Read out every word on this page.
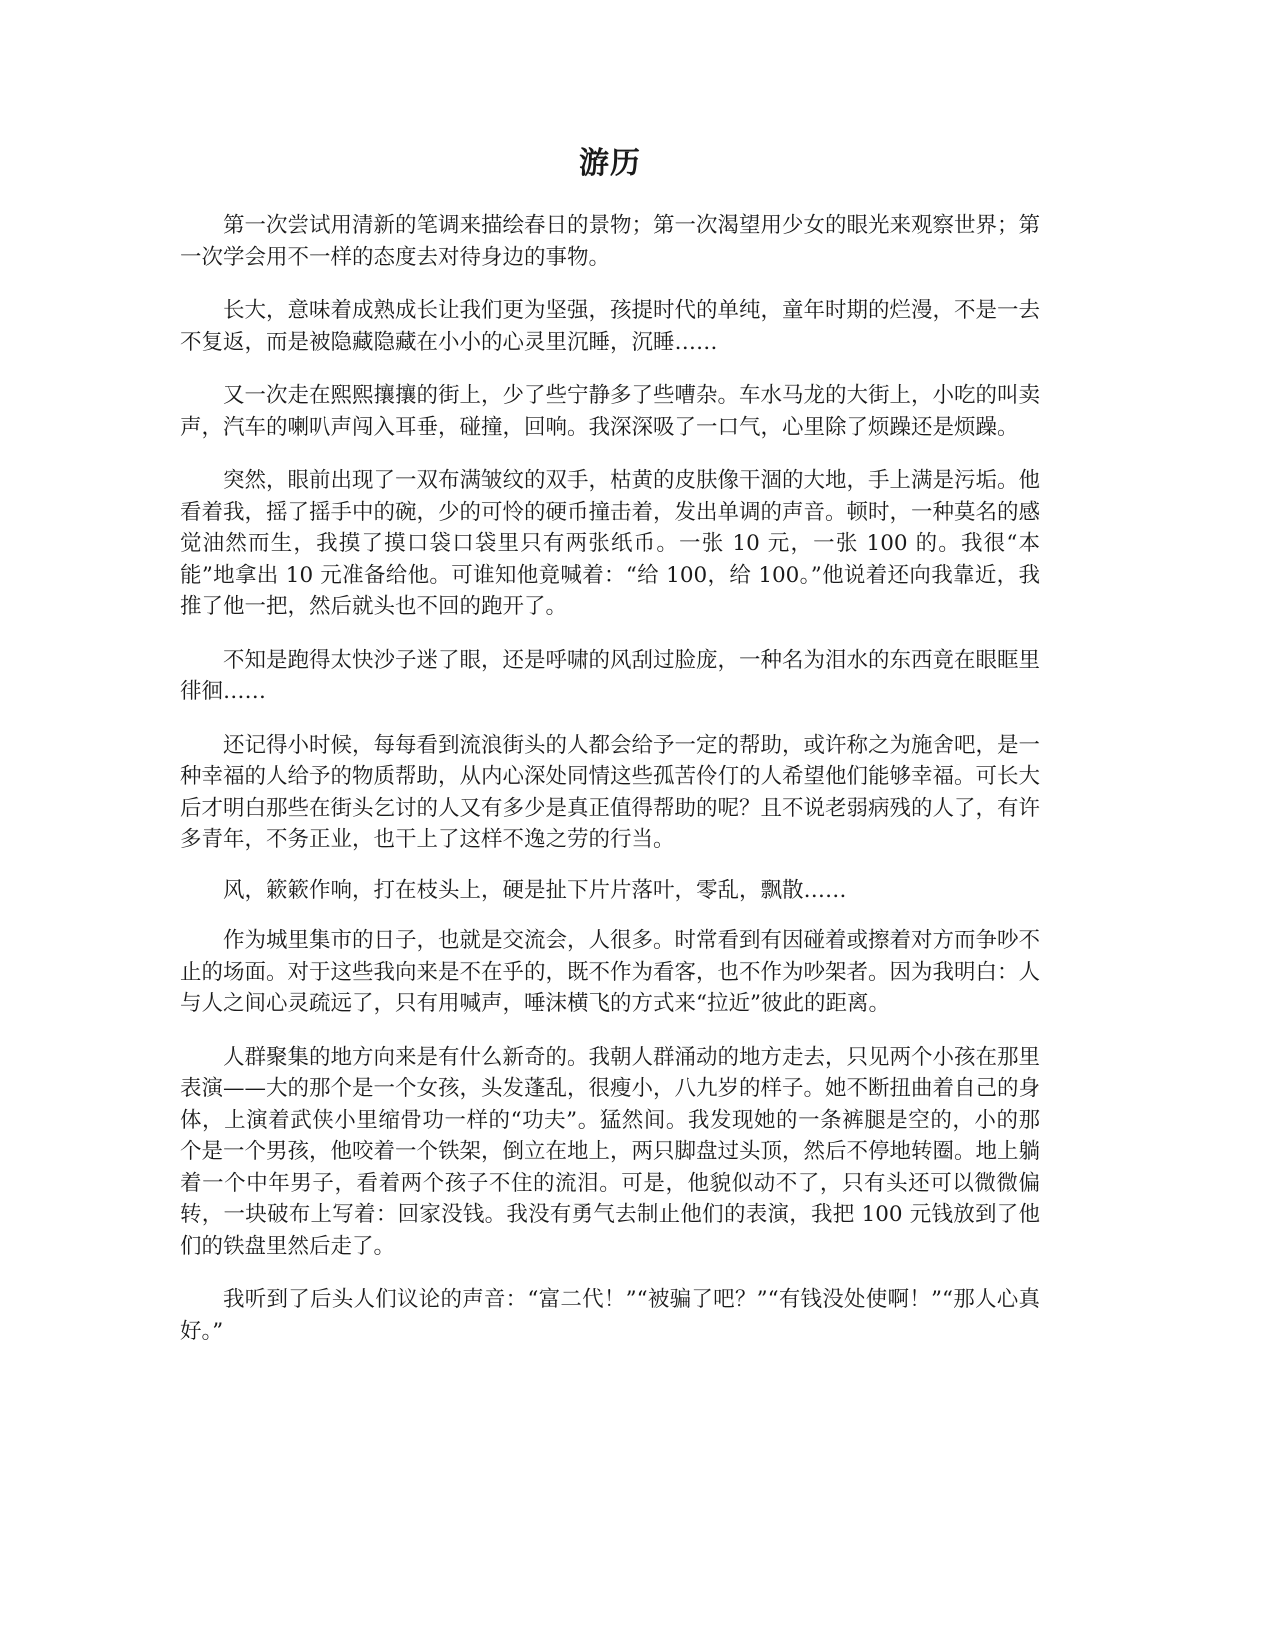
游历

第一次尝试用清新的笔调来描绘春日的景物；第一次渴望用少女的眼光来观察世界；第一次学会用不一样的态度去对待身边的事物。

长大，意味着成熟成长让我们更为坚强，孩提时代的单纯，童年时期的烂漫，不是一去不复返，而是被隐藏隐藏在小小的心灵里沉睡，沉睡……

又一次走在熙熙攘攘的街上，少了些宁静多了些嘈杂。车水马龙的大街上，小吃的叫卖声，汽车的喇叭声闯入耳垂，碰撞，回响。我深深吸了一口气，心里除了烦躁还是烦躁。

突然，眼前出现了一双布满皱纹的双手，枯黄的皮肤像干涸的大地，手上满是污垢。他看着我，摇了摇手中的碗，少的可怜的硬币撞击着，发出单调的声音。顿时，一种莫名的感觉油然而生，我摸了摸口袋口袋里只有两张纸币。一张 10 元，一张 100 的。我很“本能”地拿出 10 元准备给他。可谁知他竟喊着：“给 100，给 100。”他说着还向我靠近，我推了他一把，然后就头也不回的跑开了。

不知是跑得太快沙子迷了眼，还是呼啸的风刮过脸庞，一种名为泪水的东西竟在眼眶里徘徊……

还记得小时候，每每看到流浪街头的人都会给予一定的帮助，或许称之为施舍吧，是一种幸福的人给予的物质帮助，从内心深处同情这些孤苦伶仃的人希望他们能够幸福。可长大后才明白那些在街头乞讨的人又有多少是真正值得帮助的呢？且不说老弱病残的人了，有许多青年，不务正业，也干上了这样不逸之劳的行当。

风，簌簌作响，打在枝头上，硬是扯下片片落叶，零乱，飘散……

作为城里集市的日子，也就是交流会，人很多。时常看到有因碰着或擦着对方而争吵不止的场面。对于这些我向来是不在乎的，既不作为看客，也不作为吵架者。因为我明白：人与人之间心灵疏远了，只有用喊声，唾沫横飞的方式来“拉近”彼此的距离。

人群聚集的地方向来是有什么新奇的。我朝人群涌动的地方走去，只见两个小孩在那里表演——大的那个是一个女孩，头发蓬乱，很瘦小，八九岁的样子。她不断扭曲着自己的身体，上演着武侠小里缩骨功一样的“功夫”。猛然间。我发现她的一条裤腿是空的，小的那个是一个男孩，他咬着一个铁架，倒立在地上，两只脚盘过头顶，然后不停地转圈。地上躺着一个中年男子，看着两个孩子不住的流泪。可是，他貌似动不了，只有头还可以微微偏转，一块破布上写着：回家没钱。我没有勇气去制止他们的表演，我把 100 元钱放到了他们的铁盘里然后走了。

我听到了后头人们议论的声音：“富二代！”“被骗了吧？”“有钱没处使啊！”“那人心真好。”
